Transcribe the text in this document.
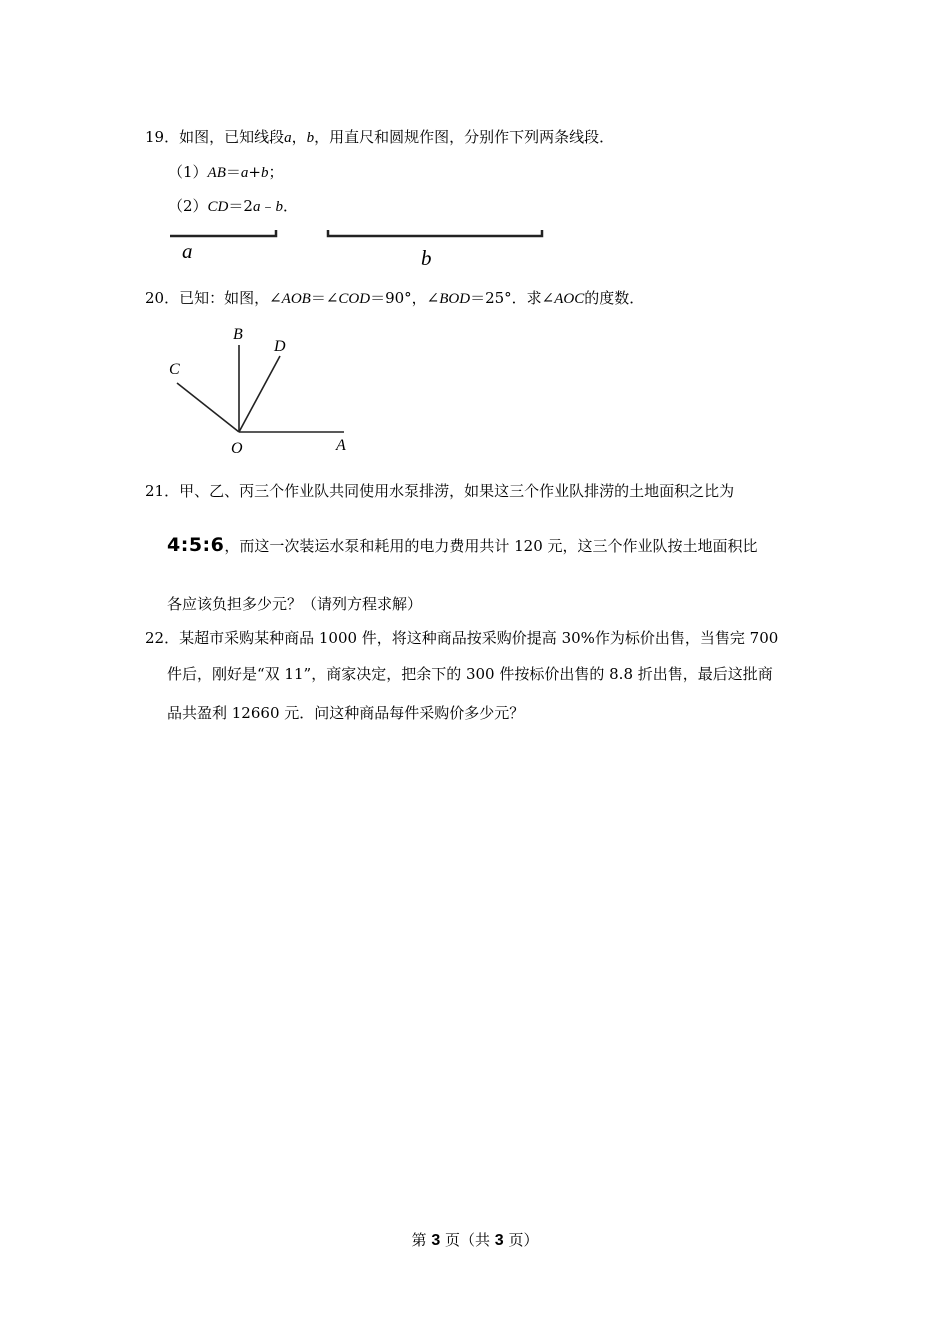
19．如图，已知线段a，b，用直尺和圆规作图，分别作下列两条线段．
（1）AB＝a+b；
（2）CD＝2a﹣b．
a	b
20．已知：如图，∠AOB＝∠COD＝90°，∠BOD＝25°．求∠AOC的度数．
B
D
C
O	A
21．甲、乙、丙三个作业队共同使用水泵排涝，如果这三个作业队排涝的土地面积之比为
4:5:6，而这一次装运水泵和耗用的电力费用共计 120 元，这三个作业队按土地面积比
各应该负担多少元？（请列方程求解）
22．某超市采购某种商品 1000 件，将这种商品按采购价提高 30%作为标价出售，当售完 700
件后，刚好是“双 11”，商家决定，把余下的 300 件按标价出售的 8.8 折出售，最后这批商
品共盈利 12660 元．问这种商品每件采购价多少元？
第 3 页（共 3 页）
